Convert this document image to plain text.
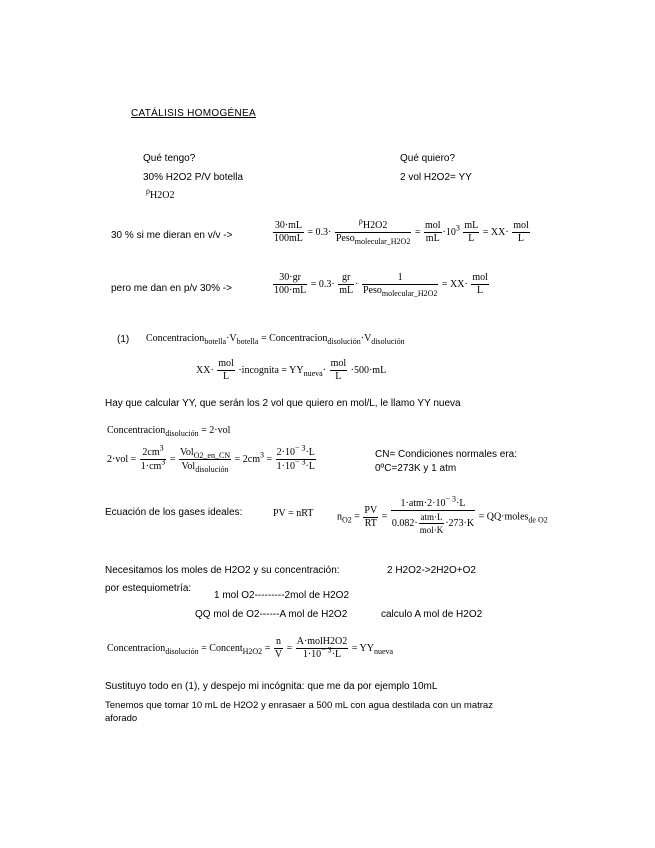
CATÁLISIS HOMOGÉNEA
Qué tengo?
30% H2O2 P/V botella
$^\rho$H2O2
Qué quiero?
2 vol H2O2= YY
30 % si me dieran en v/v ->	$\frac{30\cdot mL}{100mL} = 0.3\cdot \frac{^\rho H2O2}{Peso_{molecular\_H2O2}} = \frac{\text{mol}}{mL} \cdot 10^3 \frac{mL}{L} = XX\cdot \frac{\text{mol}}{L}$
pero me dan en p/v 30% ->	$\frac{30\cdot gr}{100\cdot mL} = 0.3\cdot \frac{gr}{mL} \cdot \frac{1}{Peso_{molecular\_H2O2}} = XX\cdot \frac{\text{mol}}{L}$
(1) $Concentracion_{botella}\cdot V_{botella}$ = $Concentracion_{disolución}\cdot V_{disolución}$
$XX\cdot \frac{\text{mol}}{L}$ ·incognita = $YY_{nueva}\cdot \frac{\text{mol}}{L} \cdot 500\cdot mL$
Hay que calcular YY, que serán los 2 vol que quiero en mol/L, le llamo YY nueva
Concentracion$_{disolución}$ = 2·vol
$2\cdot vol = \frac{2cm^3}{1\cdot cm^3} = \frac{Vol_{O2\_en\_CN}}{Vol_{disolución}} = 2cm^3 = \frac{2\cdot 10^{- 3}\cdot L}{1\cdot 10^{- 3}\cdot L}$	CN= Condiciones normales era:
0ºC=273K y 1 atm
Ecuación de los gases ideales:	PV = nRT $n_{O2} = \frac{PV}{RT} = \frac{1\cdot atm\cdot 2\cdot 10^{- 3}\cdot L}{0.082\cdot \frac{\text{atm·L}}{\text{mol·K}} \cdot 273\cdot K}$ = QQ·moles$_{de O2}$
Necesitamos los moles de H2O2 y su concentración:	2 H2O2->2H2O+O2
por estequiometría:
1 mol O2---------2mol de H2O2
QQ mol de O2------A mol de H2O2	calculo A mol de H2O2
Concentracion$_{disolución}$ = Concent$_{H2O2}$ = $\frac{n}{V} = \frac{\text{A·molH2O2}}{1\cdot 10^{- 3}\cdot L} = YY_{nueva}$
Sustituyo todo en (1), y despejo mi incógnita: que me da por ejemplo 10mL
Tenemos que tomar 10 mL de H2O2 y enrasaer a 500 mL con agua destilada con un matraz
aforado
